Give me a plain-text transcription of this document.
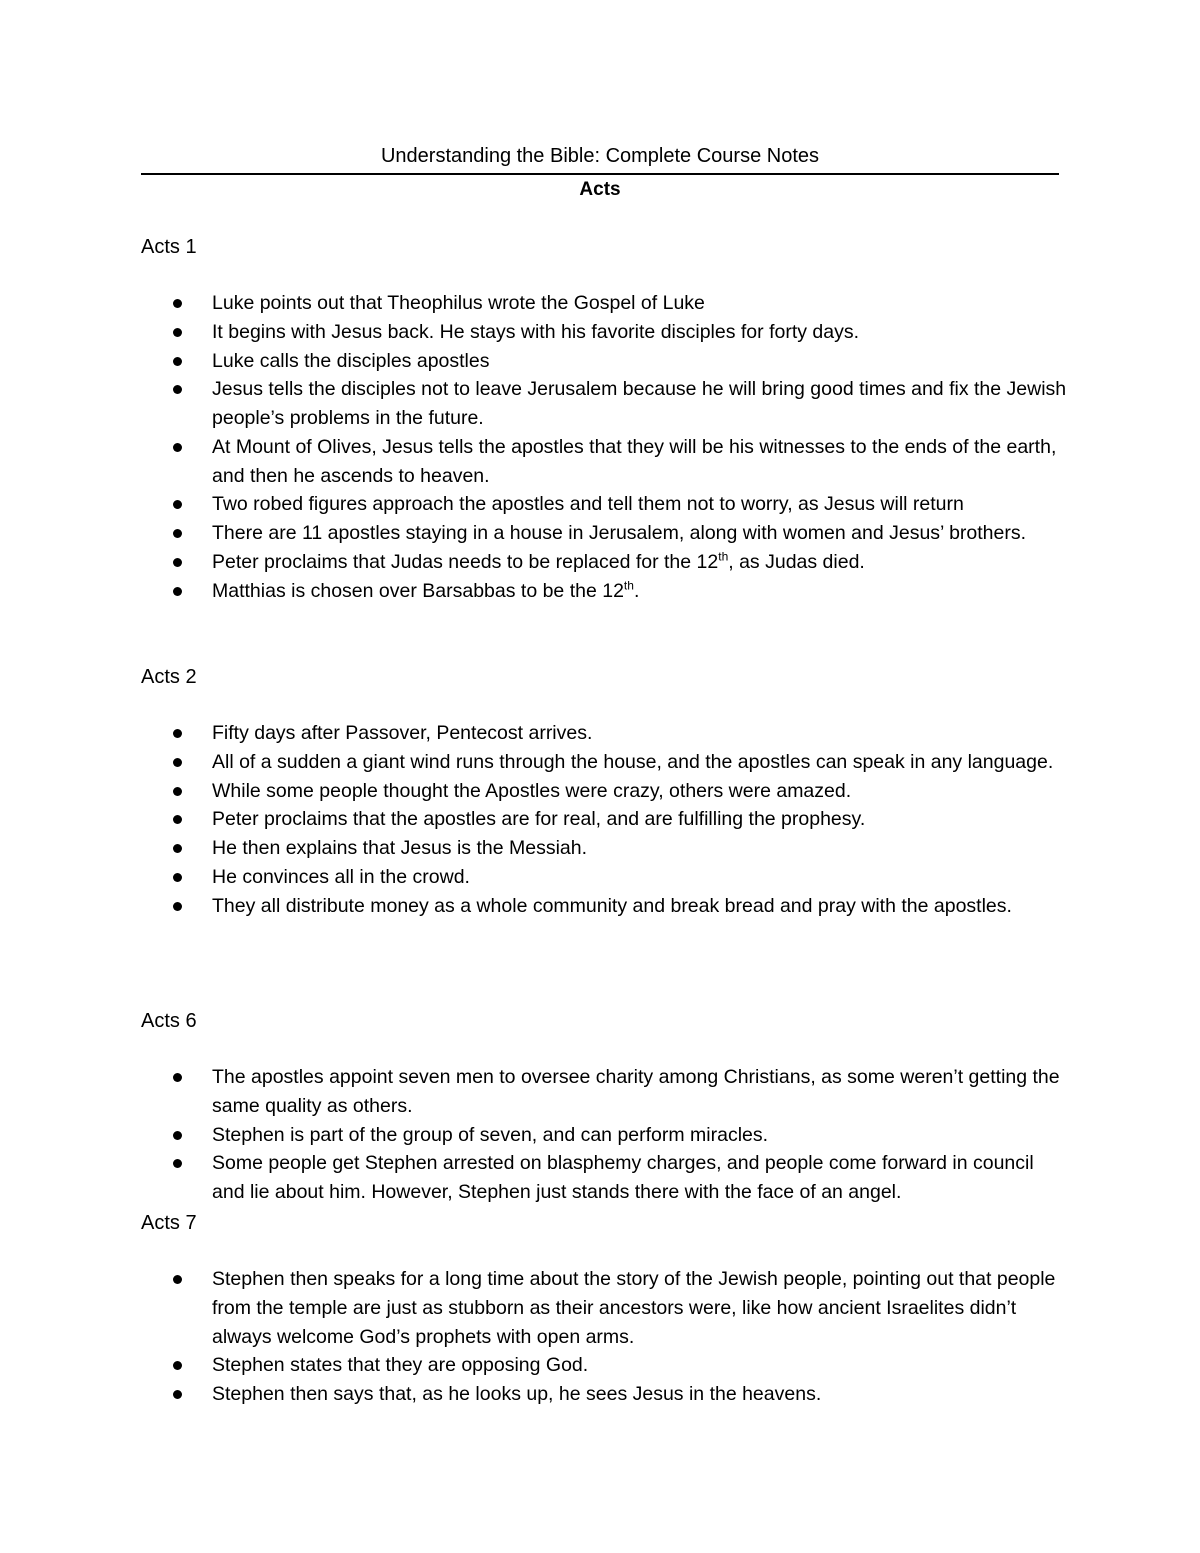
Understanding the Bible: Complete Course Notes
Acts

Acts 1

Luke points out that Theophilus wrote the Gospel of Luke
It begins with Jesus back. He stays with his favorite disciples for forty days.
Luke calls the disciples apostles
Jesus tells the disciples not to leave Jerusalem because he will bring good times and fix the Jewish people’s problems in the future.
At Mount of Olives, Jesus tells the apostles that they will be his witnesses to the ends of the earth, and then he ascends to heaven.
Two robed figures approach the apostles and tell them not to worry, as Jesus will return
There are 11 apostles staying in a house in Jerusalem, along with women and Jesus’ brothers.
Peter proclaims that Judas needs to be replaced for the 12th, as Judas died.
Matthias is chosen over Barsabbas to be the 12th.

Acts 2

Fifty days after Passover, Pentecost arrives.
All of a sudden a giant wind runs through the house, and the apostles can speak in any language.
While some people thought the Apostles were crazy, others were amazed.
Peter proclaims that the apostles are for real, and are fulfilling the prophesy.
He then explains that Jesus is the Messiah.
He convinces all in the crowd.
They all distribute money as a whole community and break bread and pray with the apostles.

Acts 6

The apostles appoint seven men to oversee charity among Christians, as some weren’t getting the same quality as others.
Stephen is part of the group of seven, and can perform miracles.
Some people get Stephen arrested on blasphemy charges, and people come forward in council and lie about him. However, Stephen just stands there with the face of an angel.

Acts 7

Stephen then speaks for a long time about the story of the Jewish people, pointing out that people from the temple are just as stubborn as their ancestors were, like how ancient Israelites didn’t always welcome God’s prophets with open arms.
Stephen states that they are opposing God.
Stephen then says that, as he looks up, he sees Jesus in the heavens.
